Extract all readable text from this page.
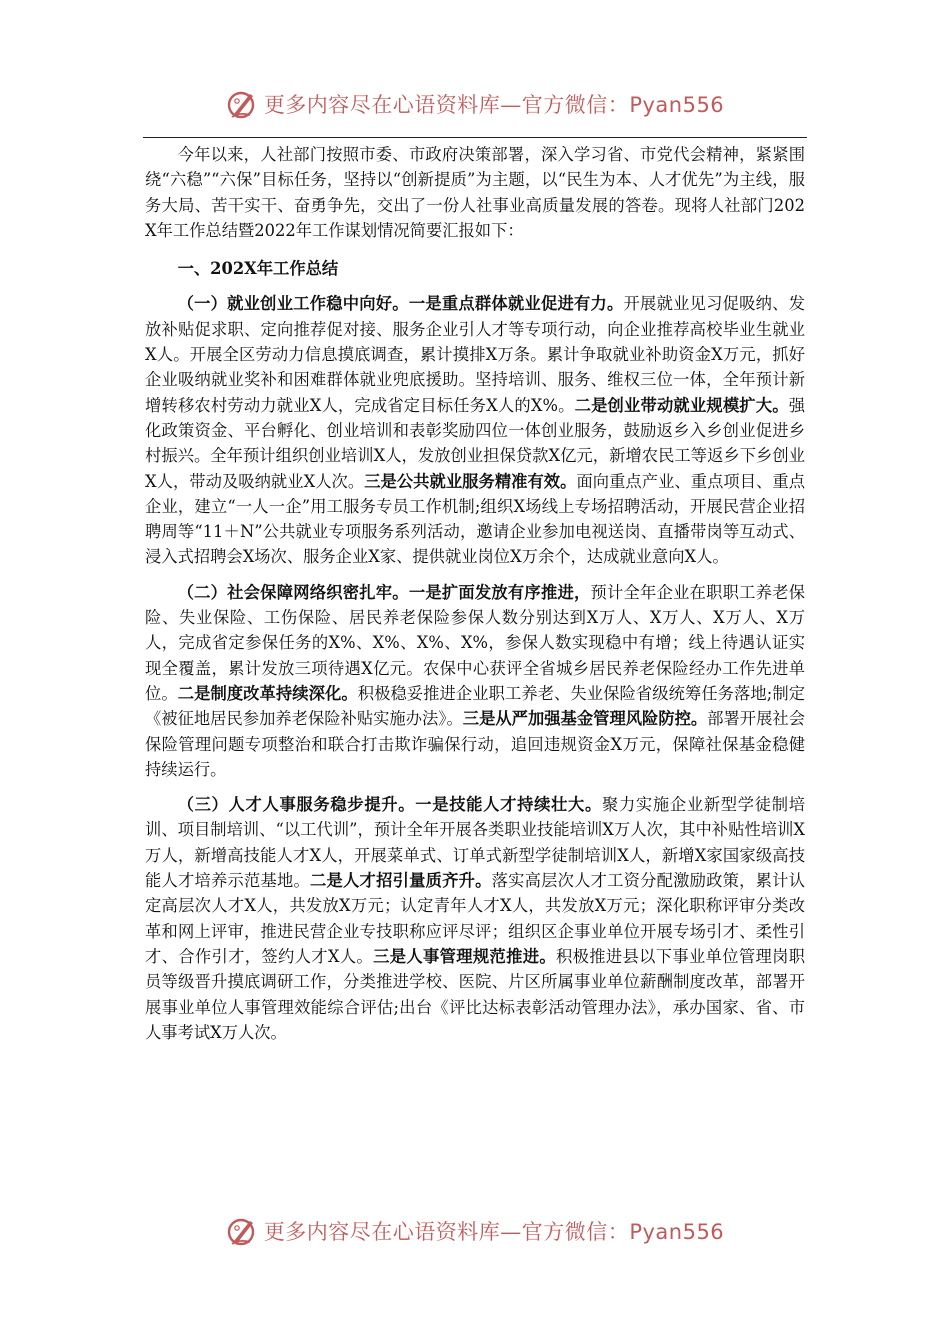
更多内容尽在心语资料库—官方微信：Pyan556

今年以来，人社部门按照市委、市政府决策部署，深入学习省、市党代会精神，紧紧围绕“六稳”“六保”目标任务，坚持以“创新提质”为主题，以“民生为本、人才优先”为主线，服务大局、苦干实干、奋勇争先，交出了一份人社事业高质量发展的答卷。现将人社部门202X年工作总结暨2022年工作谋划情况简要汇报如下：

一、202X年工作总结

（一）就业创业工作稳中向好。一是重点群体就业促进有力。开展就业见习促吸纳、发放补贴促求职、定向推荐促对接、服务企业引人才等专项行动，向企业推荐高校毕业生就业X人。开展全区劳动力信息摸底调查，累计摸排X万条。累计争取就业补助资金X万元，抓好企业吸纳就业奖补和困难群体就业兜底援助。坚持培训、服务、维权三位一体，全年预计新增转移农村劳动力就业X人，完成省定目标任务X人的X%。二是创业带动就业规模扩大。强化政策资金、平台孵化、创业培训和表彰奖励四位一体创业服务，鼓励返乡入乡创业促进乡村振兴。全年预计组织创业培训X人，发放创业担保贷款X亿元，新增农民工等返乡下乡创业X人，带动及吸纳就业X人次。三是公共就业服务精准有效。面向重点产业、重点项目、重点企业，建立“一人一企”用工服务专员工作机制;组织X场线上专场招聘活动，开展民营企业招聘周等“11＋N”公共就业专项服务系列活动，邀请企业参加电视送岗、直播带岗等互动式、浸入式招聘会X场次、服务企业X家、提供就业岗位X万余个，达成就业意向X人。

（二）社会保障网络织密扎牢。一是扩面发放有序推进，预计全年企业在职职工养老保险、失业保险、工伤保险、居民养老保险参保人数分别达到X万人、X万人、X万人、X万人，完成省定参保任务的X%、X%、X%、X%，参保人数实现稳中有增；线上待遇认证实现全覆盖，累计发放三项待遇X亿元。农保中心获评全省城乡居民养老保险经办工作先进单位。二是制度改革持续深化。积极稳妥推进企业职工养老、失业保险省级统筹任务落地;制定《被征地居民参加养老保险补贴实施办法》。三是从严加强基金管理风险防控。部署开展社会保险管理问题专项整治和联合打击欺诈骗保行动，追回违规资金X万元，保障社保基金稳健持续运行。

（三）人才人事服务稳步提升。一是技能人才持续壮大。聚力实施企业新型学徒制培训、项目制培训、“以工代训”，预计全年开展各类职业技能培训X万人次，其中补贴性培训X万人，新增高技能人才X人，开展菜单式、订单式新型学徒制培训X人，新增X家国家级高技能人才培养示范基地。二是人才招引量质齐升。落实高层次人才工资分配激励政策，累计认定高层次人才X人，共发放X万元；认定青年人才X人，共发放X万元；深化职称评审分类改革和网上评审，推进民营企业专技职称应评尽评；组织区企事业单位开展专场引才、柔性引才、合作引才，签约人才X人。三是人事管理规范推进。积极推进县以下事业单位管理岗职员等级晋升摸底调研工作，分类推进学校、医院、片区所属事业单位薪酬制度改革，部署开展事业单位人事管理效能综合评估;出台《评比达标表彰活动管理办法》，承办国家、省、市人事考试X万人次。

更多内容尽在心语资料库—官方微信：Pyan556
